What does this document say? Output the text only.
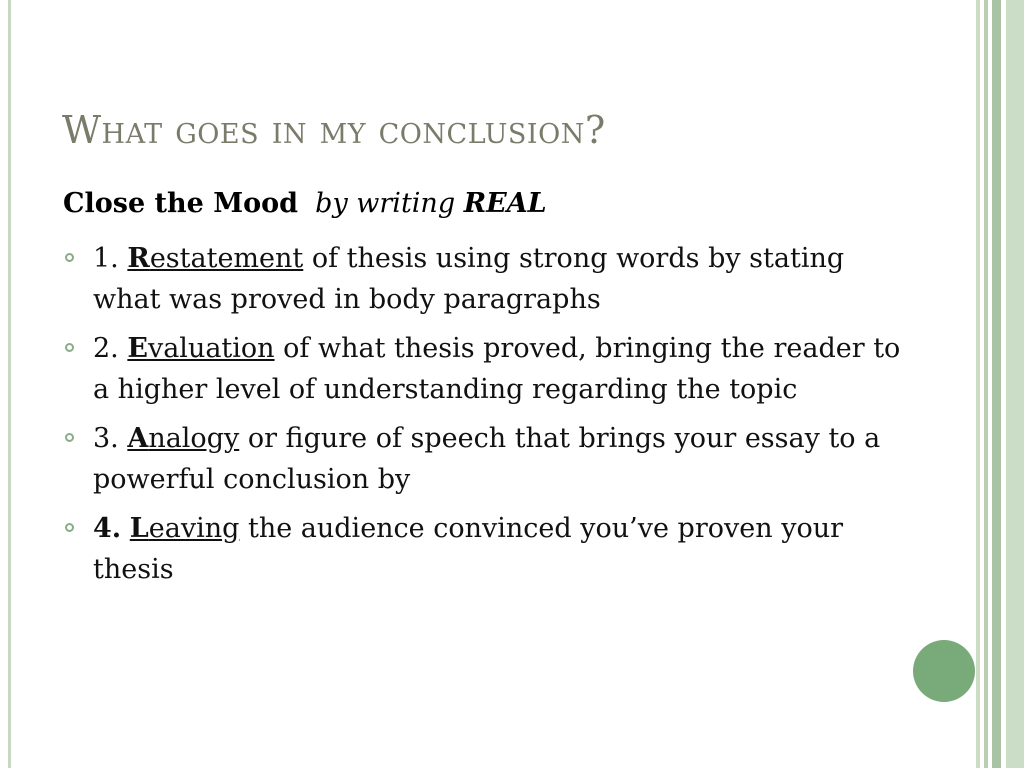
What goes in my conclusion?
Close the Mood by writing REAL
1. Restatement of thesis using strong words by stating what was proved in body paragraphs
2. Evaluation of what thesis proved, bringing the reader to a higher level of understanding regarding the topic
3. Analogy or figure of speech that brings your essay to a powerful conclusion by
4. Leaving the audience convinced you’ve proven your thesis
